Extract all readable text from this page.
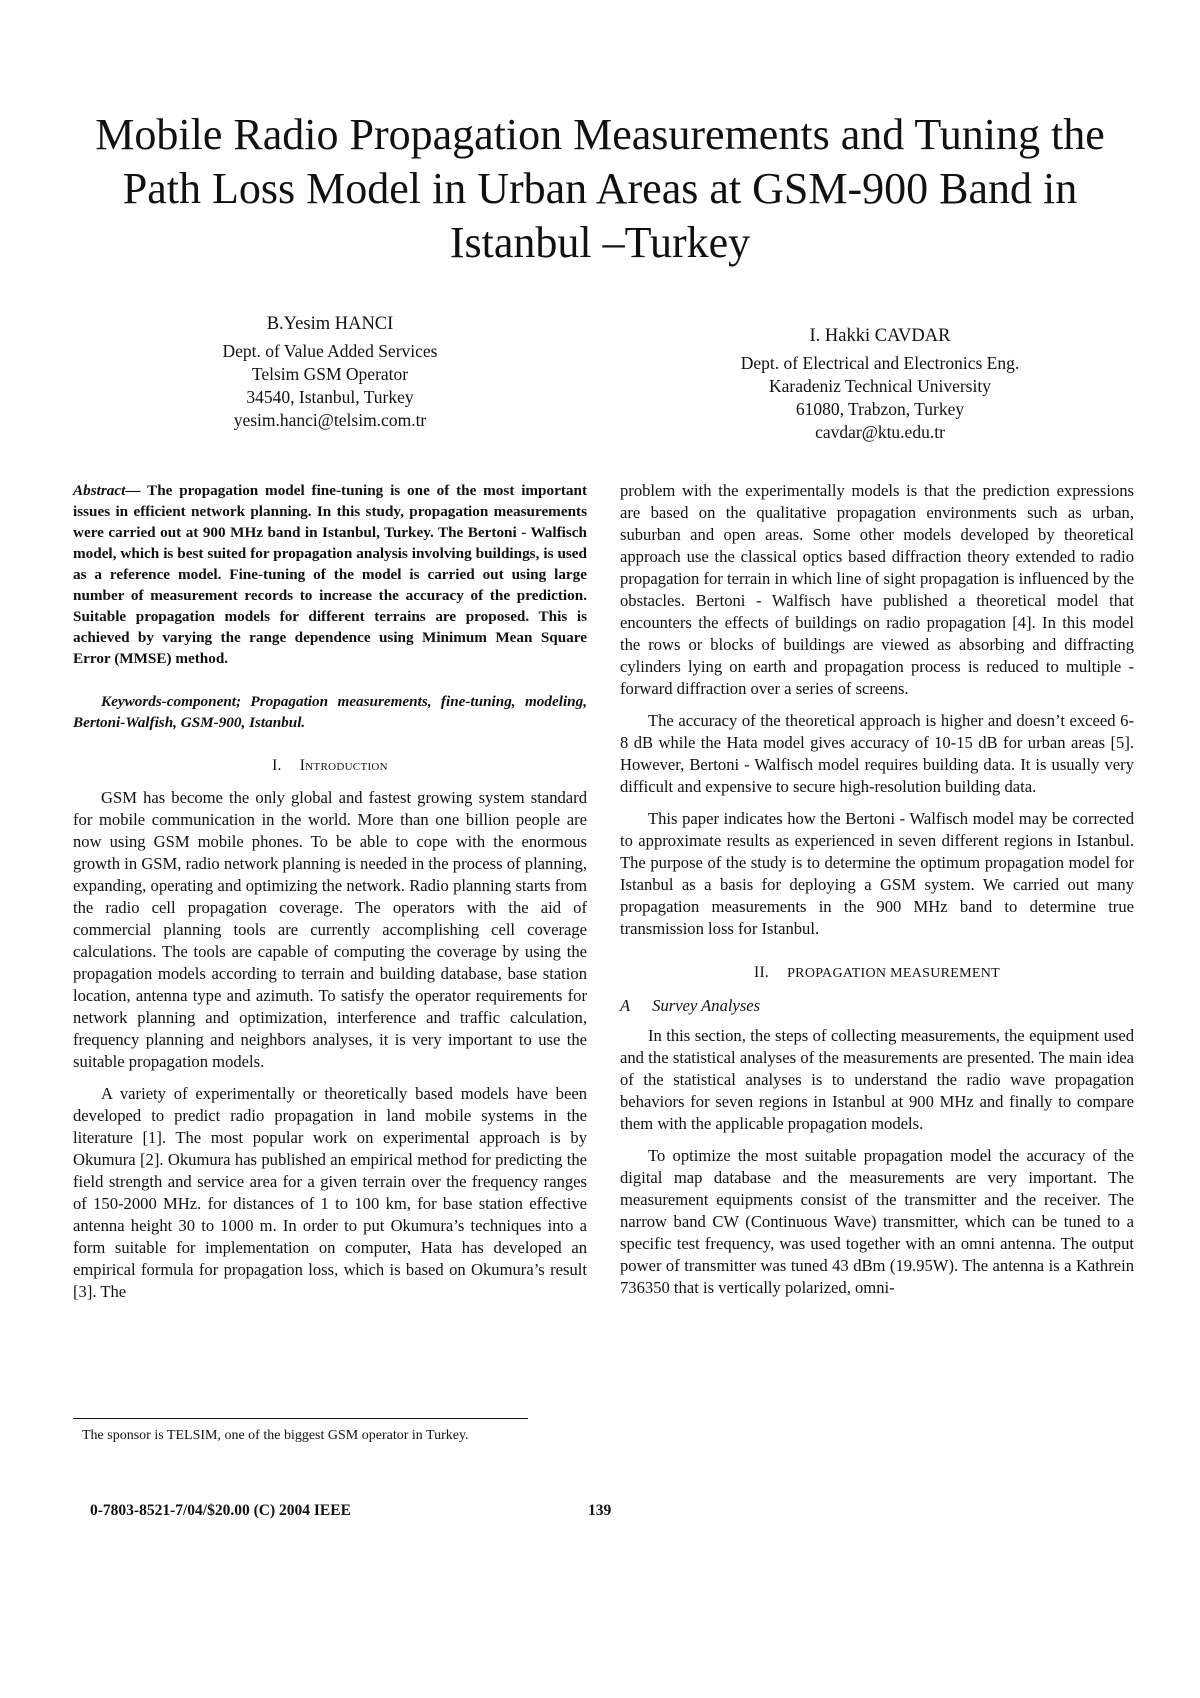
Mobile Radio Propagation Measurements and Tuning the Path Loss Model in Urban Areas at GSM-900 Band in Istanbul –Turkey
B.Yesim HANCI
Dept. of Value Added Services
Telsim GSM Operator
34540, Istanbul, Turkey
yesim.hanci@telsim.com.tr
I. Hakki CAVDAR
Dept. of Electrical and Electronics Eng.
Karadeniz Technical University
61080, Trabzon, Turkey
cavdar@ktu.edu.tr

Abstract— The propagation model fine-tuning is one of the most important issues in efficient network planning. In this study, propagation measurements were carried out at 900 MHz band in Istanbul, Turkey. The Bertoni - Walfisch model, which is best suited for propagation analysis involving buildings, is used as a reference model. Fine-tuning of the model is carried out using large number of measurement records to increase the accuracy of the prediction. Suitable propagation models for different terrains are proposed. This is achieved by varying the range dependence using Minimum Mean Square Error (MMSE) method.

Keywords-component; Propagation measurements, fine-tuning, modeling, Bertoni-Walfish, GSM-900, Istanbul.

I. Introduction

GSM has become the only global and fastest growing system standard for mobile communication in the world. More than one billion people are now using GSM mobile phones. To be able to cope with the enormous growth in GSM, radio network planning is needed in the process of planning, expanding, operating and optimizing the network. Radio planning starts from the radio cell propagation coverage. The operators with the aid of commercial planning tools are currently accomplishing cell coverage calculations. The tools are capable of computing the coverage by using the propagation models according to terrain and building database, base station location, antenna type and azimuth. To satisfy the operator requirements for network planning and optimization, interference and traffic calculation, frequency planning and neighbors analyses, it is very important to use the suitable propagation models.

A variety of experimentally or theoretically based models have been developed to predict radio propagation in land mobile systems in the literature [1]. The most popular work on experimental approach is by Okumura [2]. Okumura has published an empirical method for predicting the field strength and service area for a given terrain over the frequency ranges of 150-2000 MHz. for distances of 1 to 100 km, for base station effective antenna height 30 to 1000 m. In order to put Okumura’s techniques into a form suitable for implementation on computer, Hata has developed an empirical formula for propagation loss, which is based on Okumura’s result [3]. The

problem with the experimentally models is that the prediction expressions are based on the qualitative propagation environments such as urban, suburban and open areas. Some other models developed by theoretical approach use the classical optics based diffraction theory extended to radio propagation for terrain in which line of sight propagation is influenced by the obstacles. Bertoni - Walfisch have published a theoretical model that encounters the effects of buildings on radio propagation [4]. In this model the rows or blocks of buildings are viewed as absorbing and diffracting cylinders lying on earth and propagation process is reduced to multiple - forward diffraction over a series of screens.

The accuracy of the theoretical approach is higher and doesn’t exceed 6-8 dB while the Hata model gives accuracy of 10-15 dB for urban areas [5]. However, Bertoni - Walfisch model requires building data. It is usually very difficult and expensive to secure high-resolution building data.

This paper indicates how the Bertoni - Walfisch model may be corrected to approximate results as experienced in seven different regions in Istanbul. The purpose of the study is to determine the optimum propagation model for Istanbul as a basis for deploying a GSM system. We carried out many propagation measurements in the 900 MHz band to determine true transmission loss for Istanbul.

II. PROPAGATION MEASUREMENT
A Survey Analyses

In this section, the steps of collecting measurements, the equipment used and the statistical analyses of the measurements are presented. The main idea of the statistical analyses is to understand the radio wave propagation behaviors for seven regions in Istanbul at 900 MHz and finally to compare them with the applicable propagation models.

To optimize the most suitable propagation model the accuracy of the digital map database and the measurements are very important. The measurement equipments consist of the transmitter and the receiver. The narrow band CW (Continuous Wave) transmitter, which can be tuned to a specific test frequency, was used together with an omni antenna. The output power of transmitter was tuned 43 dBm (19.95W). The antenna is a Kathrein 736350 that is vertically polarized, omni-

The sponsor is TELSIM, one of the biggest GSM operator in Turkey.
0-7803-8521-7/04/$20.00 (C) 2004 IEEE	139
